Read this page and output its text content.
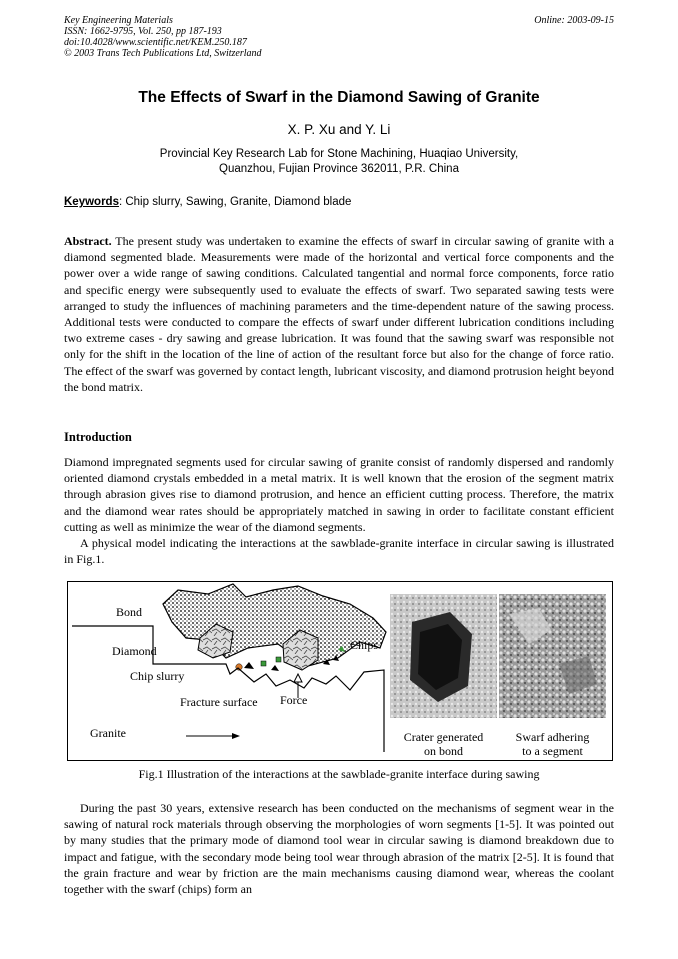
Key Engineering Materials
ISSN: 1662-9795, Vol. 250, pp 187-193
doi:10.4028/www.scientific.net/KEM.250.187
© 2003 Trans Tech Publications Ltd, Switzerland
Online: 2003-09-15
The Effects of Swarf in the Diamond Sawing of Granite
X. P. Xu and Y. Li
Provincial Key Research Lab for Stone Machining, Huaqiao University,
Quanzhou, Fujian Province 362011, P.R. China
Keywords: Chip slurry, Sawing, Granite, Diamond blade
Abstract. The present study was undertaken to examine the effects of swarf in circular sawing of granite with a diamond segmented blade. Measurements were made of the horizontal and vertical force components and the power over a wide range of sawing conditions. Calculated tangential and normal force components, force ratio and specific energy were subsequently used to evaluate the effects of swarf. Two separated sawing tests were arranged to study the influences of machining parameters and the time-dependent nature of the sawing process. Additional tests were conducted to compare the effects of swarf under different lubrication conditions including two extreme cases - dry sawing and grease lubrication. It was found that the sawing swarf was responsible not only for the shift in the location of the line of action of the resultant force but also for the change of force ratio. The effect of the swarf was governed by contact length, lubricant viscosity, and diamond protrusion height beyond the bond matrix.
Introduction
Diamond impregnated segments used for circular sawing of granite consist of randomly dispersed and randomly oriented diamond crystals embedded in a metal matrix. It is well known that the erosion of the segment matrix through abrasion gives rise to diamond protrusion, and hence an efficient cutting process. Therefore, the matrix and the diamond wear rates should be appropriately matched in sawing in order to facilitate constant efficient cutting as well as minimize the wear of the diamond segments.
A physical model indicating the interactions at the sawblade-granite interface in circular sawing is illustrated in Fig.1.
Bond
Diamond	Chips
Chip slurry
Fracture surface Force
Granite	Crater generated
on bond
Swarf adhering
to a segment
Fig.1 Illustration of the interactions at the sawblade-granite interface during sawing
During the past 30 years, extensive research has been conducted on the mechanisms of segment wear in the sawing of natural rock materials through observing the morphologies of worn segments [1-5]. It was pointed out by many studies that the primary mode of diamond tool wear in circular sawing is diamond breakdown due to impact and fatigue, with the secondary mode being tool wear through abrasion of the matrix [2-5]. It is found that the grain fracture and wear by friction are the main mechanisms causing diamond wear, whereas the coolant together with the swarf (chips) form an
